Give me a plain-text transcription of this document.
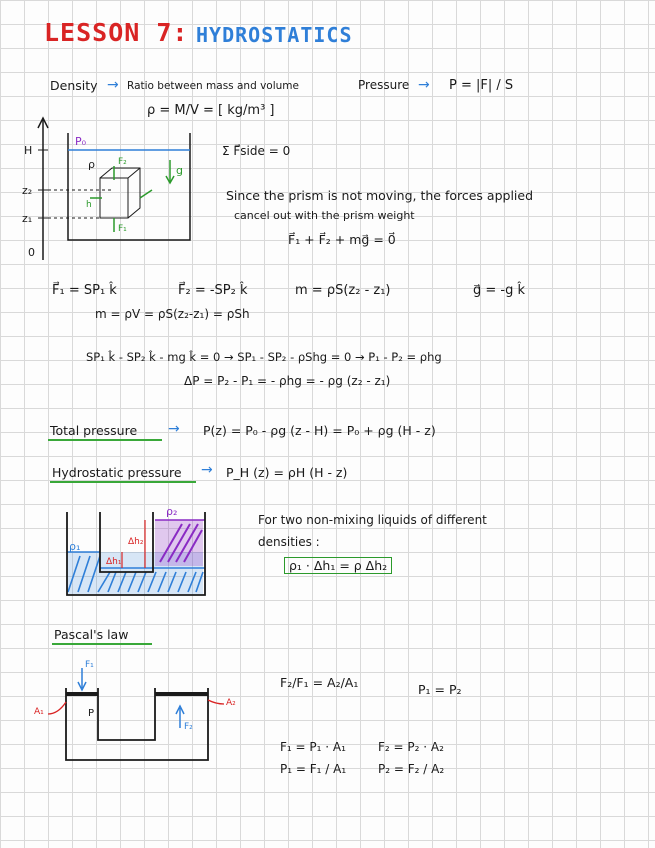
LESSON 7: HYDROSTATICS
Density → Ratio between mass and volume
ρ = M/V = [ kg/m³ ]
Pressure → P = |F| / S
H
z₂
z₁
0
P₀
ρ	g
F₂
F₁
h
Σ F⃗side = 0
Since the prism is not moving, the forces applied
cancel out with the prism weight
F⃗₁ + F⃗₂ + mg⃗ = 0⃗
F⃗₁ = SP₁ k̂	F⃗₂ = -SP₂ k̂	m = ρS(z₂ - z₁)	g⃗ = -g k̂
m = ρV = ρS(z₂-z₁) = ρSh
SP₁ k̂ - SP₂ k̂ - mg k̂ = 0 → SP₁ - SP₂ - ρShg = 0 → P₁ - P₂ = ρhg
ΔP = P₂ - P₁ = - ρhg = - ρg (z₂ - z₁)
Total pressure → P(z) = P₀ - ρg (z - H) = P₀ + ρg (H - z)
Hydrostatic pressure → P_H (z) = ρH (H - z)
ρ₂
ρ₁	Δh₂
Δh₁
For two non-mixing liquids of different
densities :
ρ₁ · Δh₁ = ρ Δh₂
Pascal's law
F₁
F₂
A₁
A₂
P
F₂/F₁ = A₂/A₁	P₁ = P₂
F₁ = P₁ · A₁
P₁ = F₁ / A₁
F₂ = P₂ · A₂
P₂ = F₂ / A₂
